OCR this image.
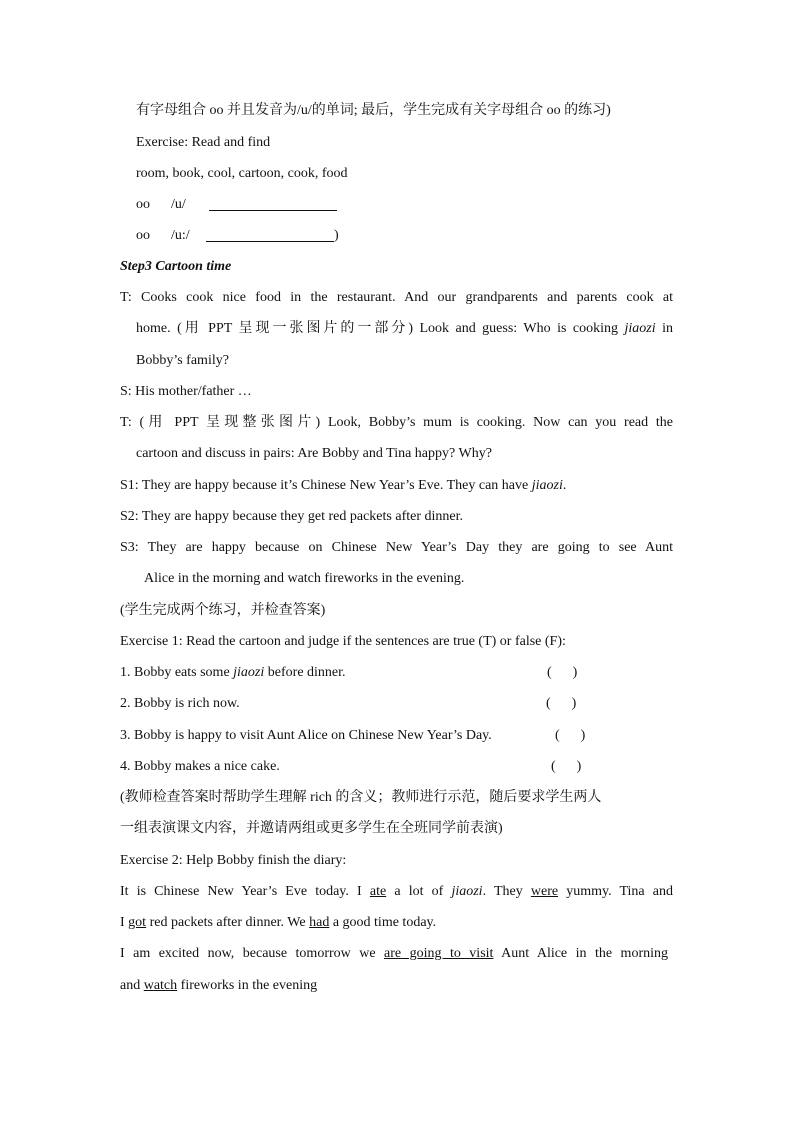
有字母组合 oo 并且发音为/u/的单词; 最后，学生完成有关字母组合 oo 的练习)
Exercise: Read and find
room, book, cool, cartoon, cook, food
oo /u/
oo /u:/	)
Step3 Cartoon time
T: Cooks cook nice food in the restaurant. And our grandparents and parents cook at
home. (用 PPT 呈现一张图片的一部分) Look and guess: Who is cooking jiaozi in
Bobby’s family?
S: His mother/father …
T: (用 PPT 呈现整张图片) Look, Bobby’s mum is cooking. Now can you read the
cartoon and discuss in pairs: Are Bobby and Tina happy? Why?
S1: They are happy because it’s Chinese New Year’s Eve. They can have jiaozi.
S2: They are happy because they get red packets after dinner.
S3: They are happy because on Chinese New Year’s Day they are going to see Aunt
Alice in the morning and watch fireworks in the evening.
(学生完成两个练习，并检查答案)
Exercise 1: Read the cartoon and judge if the sentences are true (T) or false (F):
1. Bobby eats some jiaozi before dinner.	(      )
2. Bobby is rich now.	(      )
3. Bobby is happy to visit Aunt Alice on Chinese New Year’s Day.	(      )
4. Bobby makes a nice cake.	(      )
(教师检查答案时帮助学生理解 rich 的含义；教师进行示范，随后要求学生两人
一组表演课文内容，并邀请两组或更多学生在全班同学前表演)
Exercise 2: Help Bobby finish the diary:
It is Chinese New Year’s Eve today. I ate a lot of jiaozi. They were yummy. Tina and
I got red packets after dinner. We had a good time today.
I am excited now, because tomorrow we are going to visit Aunt Alice in the morning
and watch fireworks in the evening
